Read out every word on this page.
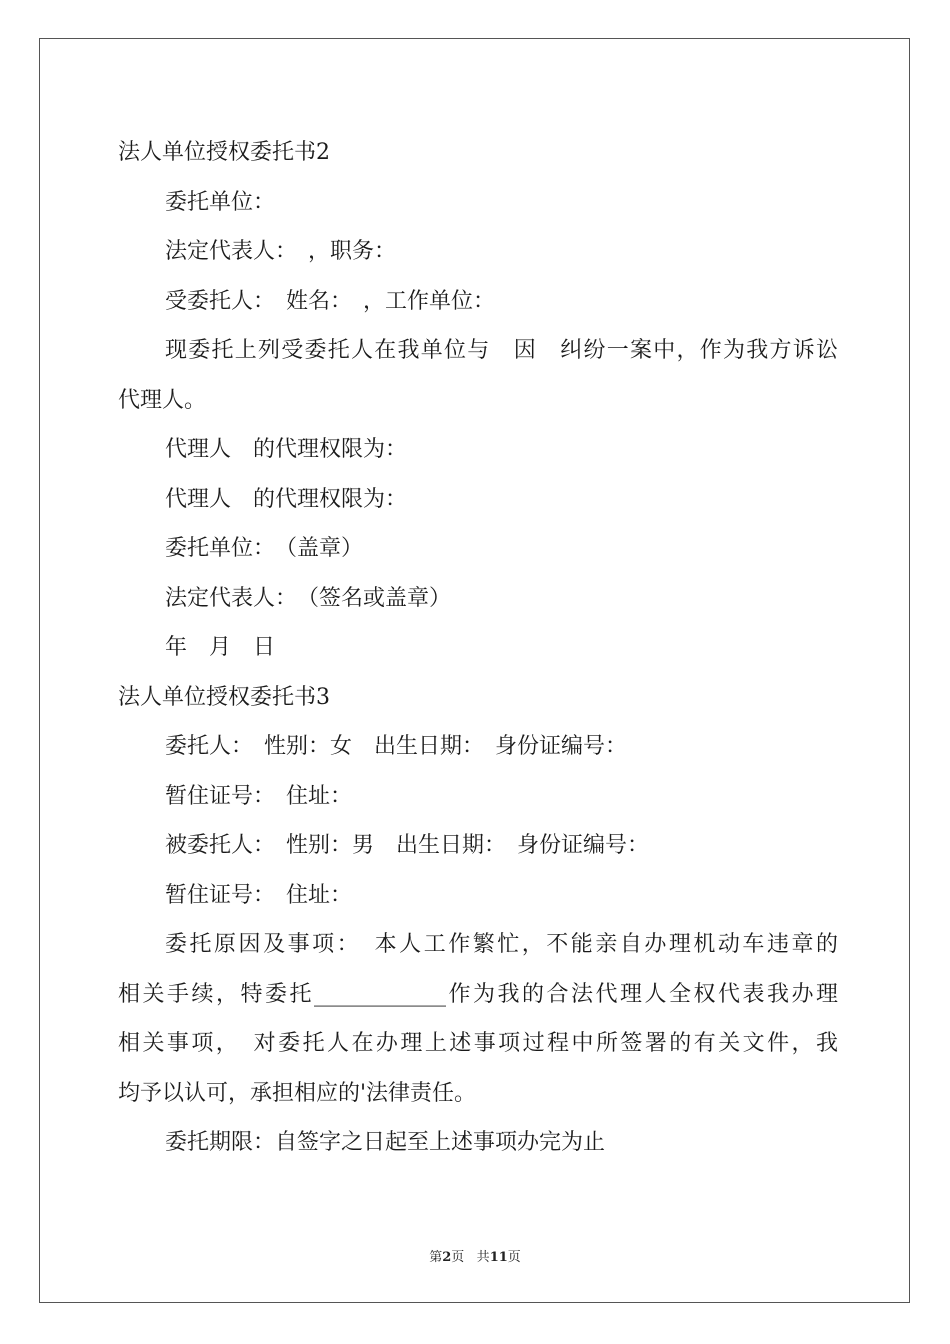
法人单位授权委托书2

委托单位：

法定代表人：　，职务：

受委托人：　姓名：　，工作单位：

现委托上列受委托人在我单位与　因　纠纷一案中，作为我方诉讼

代理人。

代理人　的代理权限为：

代理人　的代理权限为：

委托单位：　（盖章）

法定代表人：　（签名或盖章）

年　月　日

法人单位授权委托书3

委托人：　性别：女　出生日期：　身份证编号：

暂住证号：　住址：

被委托人：　性别：男　出生日期：　身份证编号：

暂住证号：　住址：

委托原因及事项：　本人工作繁忙，不能亲自办理机动车违章的

相关手续，特委托____________作为我的合法代理人全权代表我办理

相关事项，　对委托人在办理上述事项过程中所签署的有关文件，我

均予以认可，承担相应的'法律责任。

委托期限：自签字之日起至上述事项办完为止

第2页 共11页
